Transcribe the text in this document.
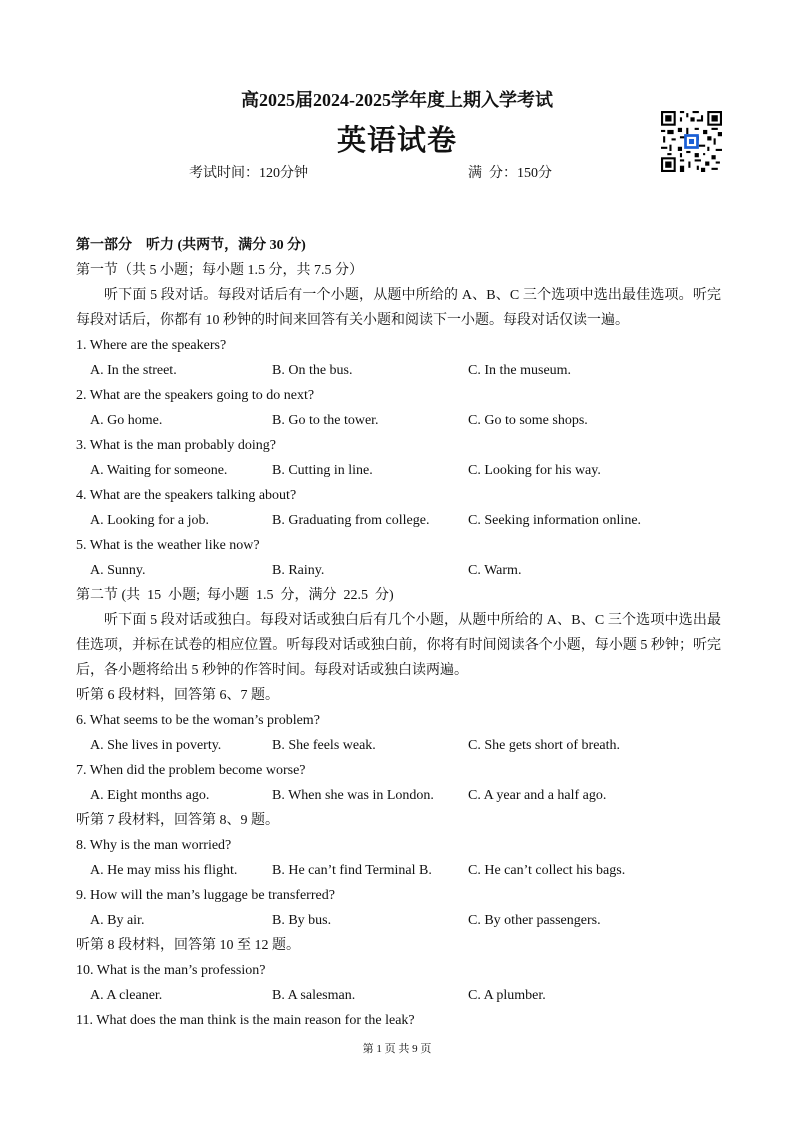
高2025届2024-2025学年度上期入学考试
英语试卷
考试时间：120分钟	满  分：150分
第一部分　听力 (共两节，满分 30 分)
第一节（共 5 小题；每小题 1.5 分，共 7.5 分）
听下面 5 段对话。每段对话后有一个小题，从题中所给的 A、B、C 三个选项中选出最佳选项。听完每段对话后，你都有 10 秒钟的时间来回答有关小题和阅读下一小题。每段对话仅读一遍。
1. Where are the speakers?
A. In the street.	B. On the bus.	C. In the museum.
2. What are the speakers going to do next?
A. Go home.	B. Go to the tower.	C. Go to some shops.
3. What is the man probably doing?
A. Waiting for someone.	B. Cutting in line.	C. Looking for his way.
4. What are the speakers talking about?
A. Looking for a job.	B. Graduating from college.	C. Seeking information online.
5. What is the weather like now?
A. Sunny.	B. Rainy.	C. Warm.
第二节 (共  15  小题;  每小题  1.5  分，满分  22.5  分)
听下面 5 段对话或独白。每段对话或独白后有几个小题，从题中所给的 A、B、C 三个选项中选出最佳选项，并标在试卷的相应位置。听每段对话或独白前，你将有时间阅读各个小题，每小题 5 秒钟；听完后，各小题将给出 5 秒钟的作答时间。每段对话或独白读两遍。
听第 6 段材料，回答第 6、7 题。
6. What seems to be the woman’s problem?
A. She lives in poverty.	B. She feels weak.	C. She gets short of breath.
7. When did the problem become worse?
A. Eight months ago.	B. When she was in London. C. A year and a half ago.
听第 7 段材料，回答第 8、9 题。
8. Why is the man worried?
A. He may miss his flight. B. He can’t find Terminal B.	C. He can’t collect his bags.
9. How will the man’s luggage be transferred?
A. By air.	B. By bus.	C. By other passengers.
听第 8 段材料，回答第 10 至 12 题。
10. What is the man’s profession?
A. A cleaner.	B. A salesman.	C. A plumber.
11. What does the man think is the main reason for the leak?
第 1 页 共 9 页
